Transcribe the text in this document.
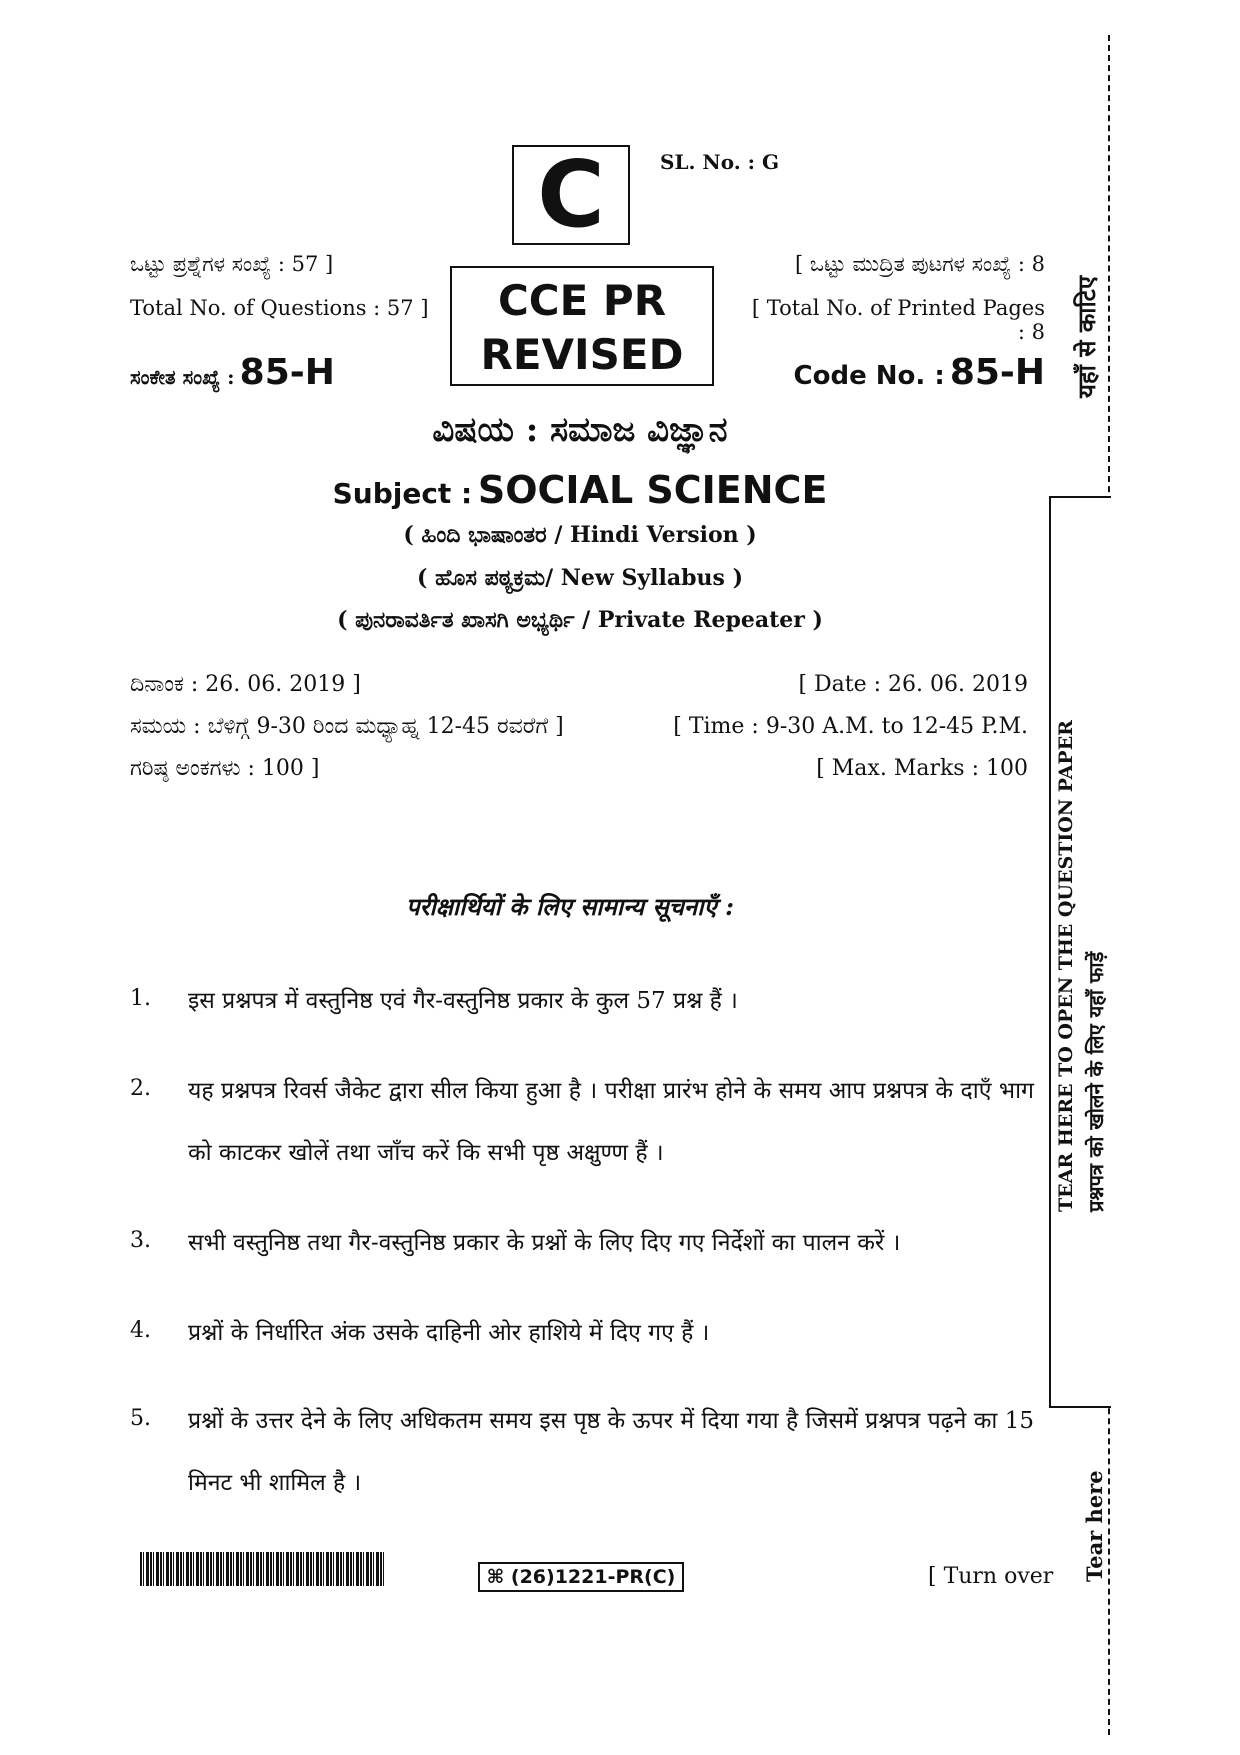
C	SL. No. : G
ಒಟ್ಟು ಪ್ರಶ್ನೆಗಳ ಸಂಖ್ಯೆ : 57 ]
Total No. of Questions : 57 ]	CCE PR
REVISED
[ ಒಟ್ಟು ಮುದ್ರಿತ ಪುಟಗಳ ಸಂಖ್ಯೆ : 8
[ Total No. of Printed Pages : 8
ಸಂಕೇತ ಸಂಖ್ಯೆ : 85-H	Code No. : 85-H
ವಿಷಯ : ಸಮಾಜ ವಿಜ್ಞಾನ
Subject : SOCIAL SCIENCE
( ಹಿಂದಿ ಭಾಷಾಂತರ / Hindi Version )
( ಹೊಸ ಪಠ್ಯಕ್ರಮ/ New Syllabus )
( ಪುನರಾವರ್ತಿತ ಖಾಸಗಿ ಅಭ್ಯರ್ಥಿ / Private Repeater )
ದಿನಾಂಕ : 26. 06. 2019 ]	[ Date : 26. 06. 2019
ಸಮಯ : ಬೆಳಿಗ್ಗೆ 9-30 ರಿಂದ ಮಧ್ಯಾಹ್ನ 12-45 ರವರೆಗೆ ]	[ Time : 9-30 A.M. to 12-45 P.M.
ಗರಿಷ್ಠ ಅಂಕಗಳು : 100 ]	[ Max. Marks : 100
परीक्षार्थियों के लिए सामान्य सूचनाएँ :
1. इस प्रश्नपत्र में वस्तुनिष्ठ एवं गैर-वस्तुनिष्ठ प्रकार के कुल 57 प्रश्न हैं ।
2. यह प्रश्नपत्र रिवर्स जैकेट द्वारा सील किया हुआ है । परीक्षा प्रारंभ होने के समय आप प्रश्नपत्र के दाएँ भाग को काटकर खोलें तथा जाँच करें कि सभी पृष्ठ अक्षुण्ण हैं ।
3. सभी वस्तुनिष्ठ तथा गैर-वस्तुनिष्ठ प्रकार के प्रश्नों के लिए दिए गए निर्देशों का पालन करें ।
4. प्रश्नों के निर्धारित अंक उसके दाहिनी ओर हाशिये में दिए गए हैं ।
5. प्रश्नों के उत्तर देने के लिए अधिकतम समय इस पृष्ठ के ऊपर में दिया गया है जिसमें प्रश्नपत्र पढ़ने का 15 मिनट भी शामिल है ।
⌘ (26)1221-PR(C)	[ Turn over
यहाँ से काटिए
TEAR HERE TO OPEN THE QUESTION PAPER प्रश्नपत्र को खोलने के लिए यहाँ फाड़ें
Tear here
